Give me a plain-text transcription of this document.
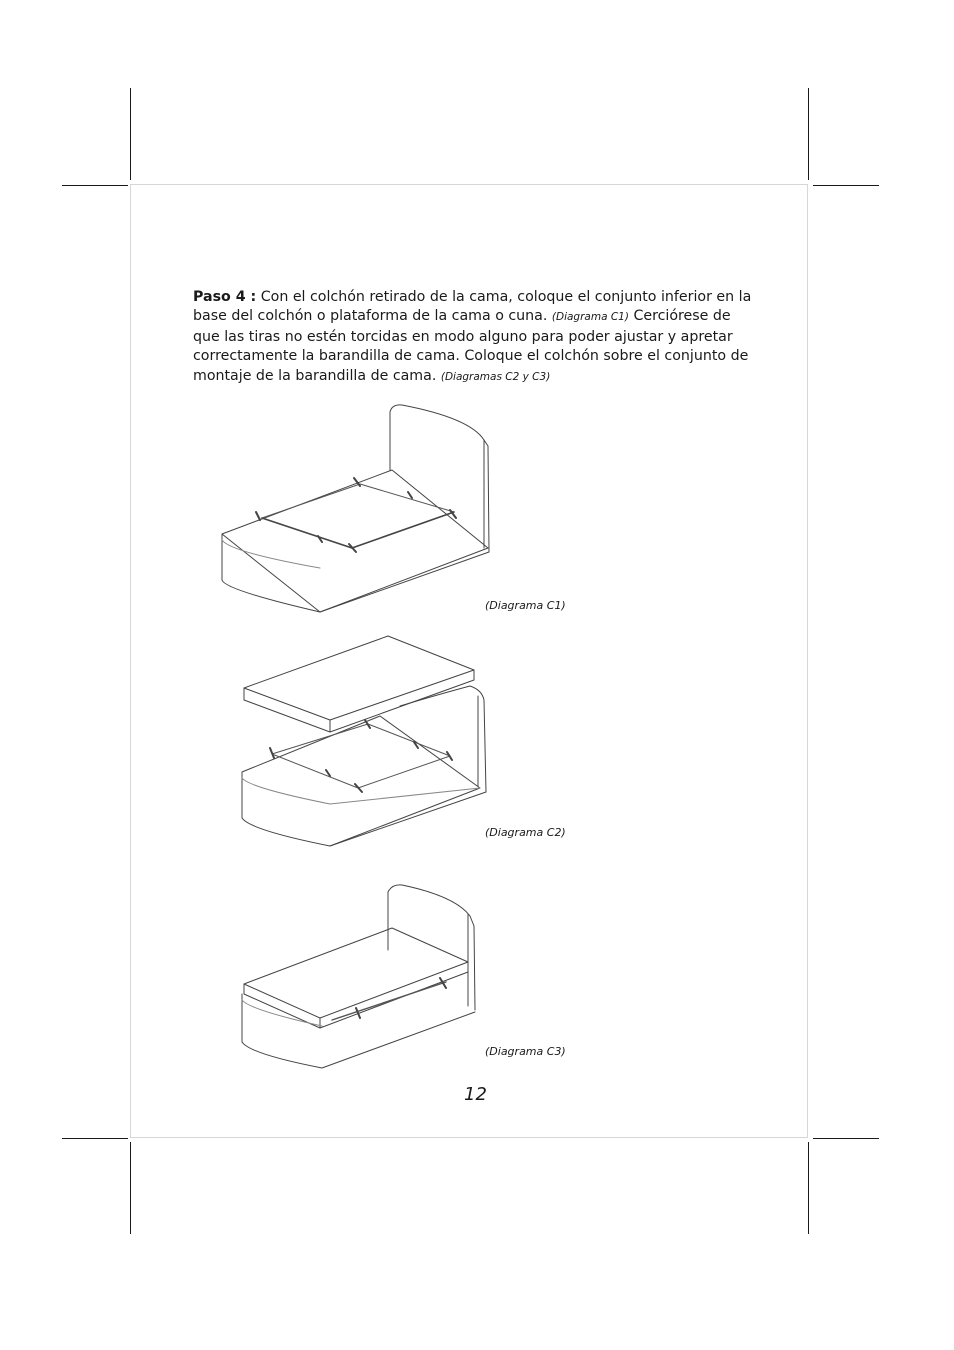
Paso 4 : Con el colchón retirado de la cama, coloque el conjunto inferior en la base del colchón o plataforma de la cama o cuna. (Diagrama C1) Cerciórese de que las tiras no estén torcidas en modo alguno para poder ajustar y apretar correctamente la barandilla de cama. Coloque el colchón sobre el conjunto de montaje de la barandilla de cama. (Diagramas C2 y C3)
(Diagrama C1)
(Diagrama C2)
(Diagrama C3)
12
